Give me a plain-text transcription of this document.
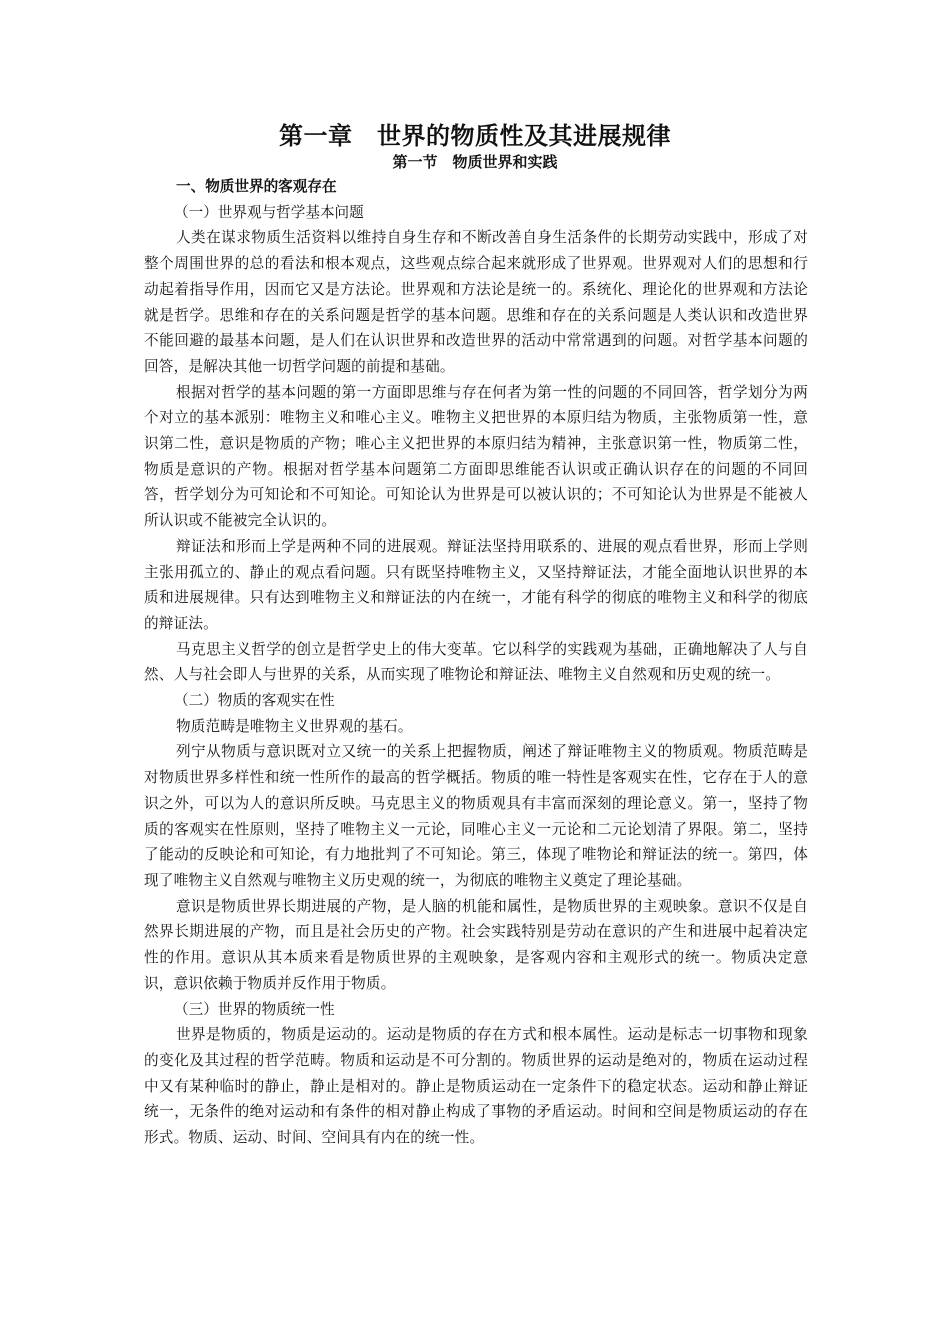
第一章　世界的物质性及其进展规律
第一节　物质世界和实践

一、物质世界的客观存在

（一）世界观与哲学基本问题

人类在谋求物质生活资料以维持自身生存和不断改善自身生活条件的长期劳动实践中，形成了对整个周围世界的总的看法和根本观点，这些观点综合起来就形成了世界观。世界观对人们的思想和行动起着指导作用，因而它又是方法论。世界观和方法论是统一的。系统化、理论化的世界观和方法论就是哲学。思维和存在的关系问题是哲学的基本问题。思维和存在的关系问题是人类认识和改造世界不能回避的最基本问题，是人们在认识世界和改造世界的活动中常常遇到的问题。对哲学基本问题的回答，是解决其他一切哲学问题的前提和基础。

根据对哲学的基本问题的第一方面即思维与存在何者为第一性的问题的不同回答，哲学划分为两个对立的基本派别：唯物主义和唯心主义。唯物主义把世界的本原归结为物质，主张物质第一性，意识第二性，意识是物质的产物；唯心主义把世界的本原归结为精神，主张意识第一性，物质第二性，物质是意识的产物。根据对哲学基本问题第二方面即思维能否认识或正确认识存在的问题的不同回答，哲学划分为可知论和不可知论。可知论认为世界是可以被认识的；不可知论认为世界是不能被人所认识或不能被完全认识的。

辩证法和形而上学是两种不同的进展观。辩证法坚持用联系的、进展的观点看世界，形而上学则主张用孤立的、静止的观点看问题。只有既坚持唯物主义，又坚持辩证法，才能全面地认识世界的本质和进展规律。只有达到唯物主义和辩证法的内在统一，才能有科学的彻底的唯物主义和科学的彻底的辩证法。

马克思主义哲学的创立是哲学史上的伟大变革。它以科学的实践观为基础，正确地解决了人与自然、人与社会即人与世界的关系，从而实现了唯物论和辩证法、唯物主义自然观和历史观的统一。

（二）物质的客观实在性

物质范畴是唯物主义世界观的基石。

列宁从物质与意识既对立又统一的关系上把握物质，阐述了辩证唯物主义的物质观。物质范畴是对物质世界多样性和统一性所作的最高的哲学概括。物质的唯一特性是客观实在性，它存在于人的意识之外，可以为人的意识所反映。马克思主义的物质观具有丰富而深刻的理论意义。第一，坚持了物质的客观实在性原则，坚持了唯物主义一元论，同唯心主义一元论和二元论划清了界限。第二，坚持了能动的反映论和可知论，有力地批判了不可知论。第三，体现了唯物论和辩证法的统一。第四，体现了唯物主义自然观与唯物主义历史观的统一，为彻底的唯物主义奠定了理论基础。

意识是物质世界长期进展的产物，是人脑的机能和属性，是物质世界的主观映象。意识不仅是自然界长期进展的产物，而且是社会历史的产物。社会实践特别是劳动在意识的产生和进展中起着决定性的作用。意识从其本质来看是物质世界的主观映象，是客观内容和主观形式的统一。物质决定意识，意识依赖于物质并反作用于物质。

（三）世界的物质统一性

世界是物质的，物质是运动的。运动是物质的存在方式和根本属性。运动是标志一切事物和现象的变化及其过程的哲学范畴。物质和运动是不可分割的。物质世界的运动是绝对的，物质在运动过程中又有某种临时的静止，静止是相对的。静止是物质运动在一定条件下的稳定状态。运动和静止辩证统一，无条件的绝对运动和有条件的相对静止构成了事物的矛盾运动。时间和空间是物质运动的存在形式。物质、运动、时间、空间具有内在的统一性。
